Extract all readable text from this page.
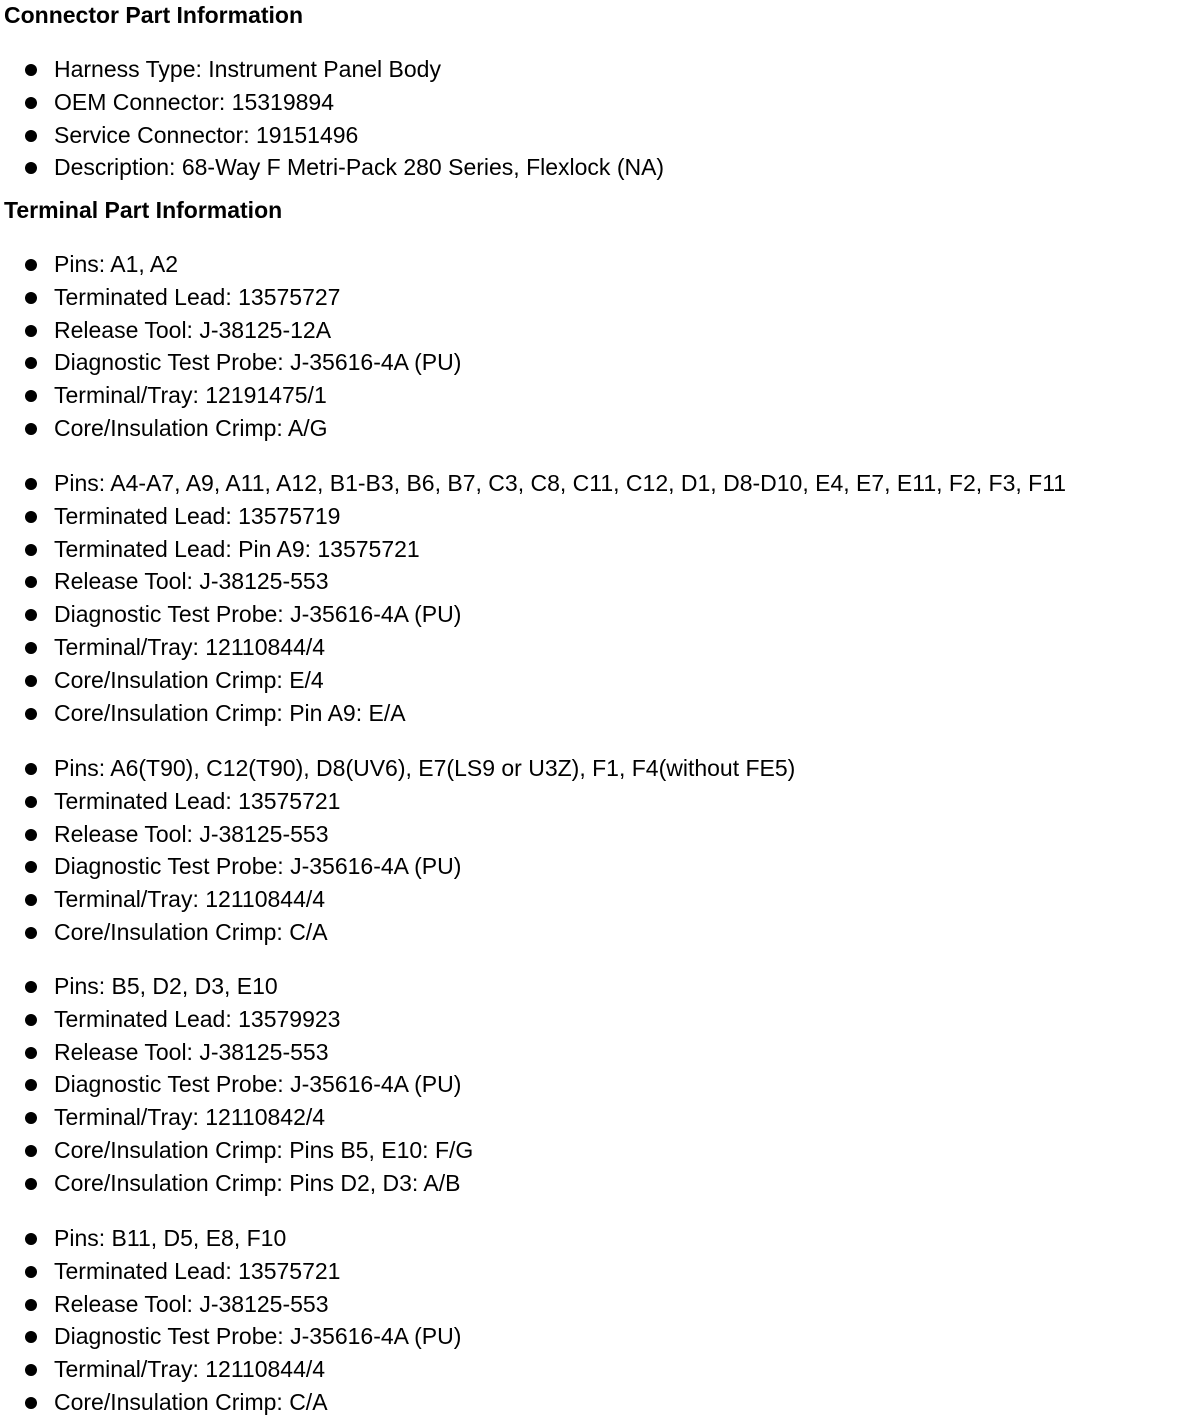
Connector Part Information
Harness Type: Instrument Panel Body
OEM Connector: 15319894
Service Connector: 19151496
Description: 68-Way F Metri-Pack 280 Series, Flexlock (NA)
Terminal Part Information
Pins: A1, A2
Terminated Lead: 13575727
Release Tool: J-38125-12A
Diagnostic Test Probe: J-35616-4A (PU)
Terminal/Tray: 12191475/1
Core/Insulation Crimp: A/G
Pins: A4-A7, A9, A11, A12, B1-B3, B6, B7, C3, C8, C11, C12, D1, D8-D10, E4, E7, E11, F2, F3, F11
Terminated Lead: 13575719
Terminated Lead: Pin A9: 13575721
Release Tool: J-38125-553
Diagnostic Test Probe: J-35616-4A (PU)
Terminal/Tray: 12110844/4
Core/Insulation Crimp: E/4
Core/Insulation Crimp: Pin A9: E/A
Pins: A6(T90), C12(T90), D8(UV6), E7(LS9 or U3Z), F1, F4(without FE5)
Terminated Lead: 13575721
Release Tool: J-38125-553
Diagnostic Test Probe: J-35616-4A (PU)
Terminal/Tray: 12110844/4
Core/Insulation Crimp: C/A
Pins: B5, D2, D3, E10
Terminated Lead: 13579923
Release Tool: J-38125-553
Diagnostic Test Probe: J-35616-4A (PU)
Terminal/Tray: 12110842/4
Core/Insulation Crimp: Pins B5, E10: F/G
Core/Insulation Crimp: Pins D2, D3: A/B
Pins: B11, D5, E8, F10
Terminated Lead: 13575721
Release Tool: J-38125-553
Diagnostic Test Probe: J-35616-4A (PU)
Terminal/Tray: 12110844/4
Core/Insulation Crimp: C/A
